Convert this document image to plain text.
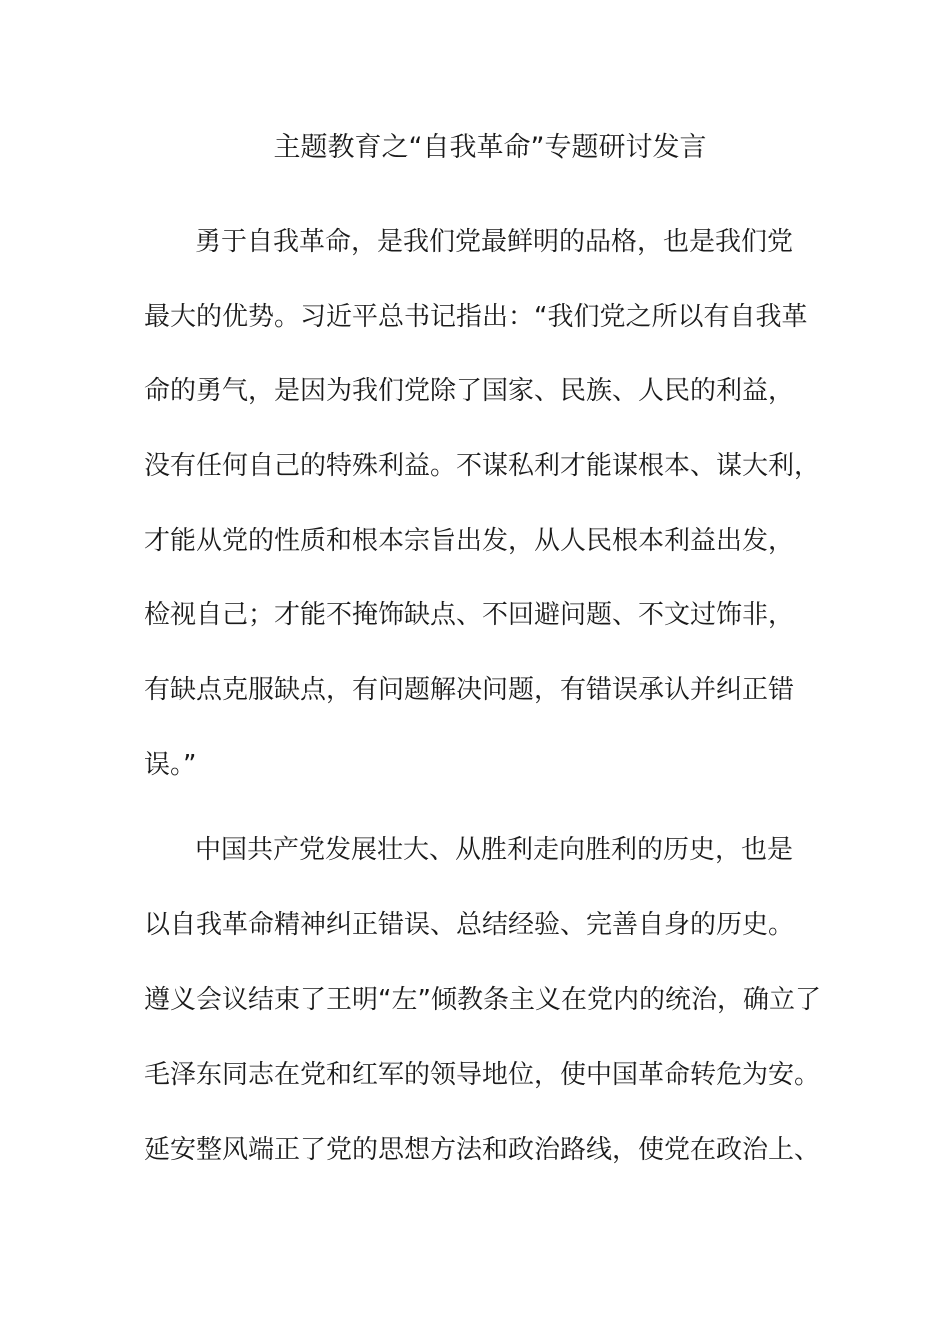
主题教育之“自我革命”专题研讨发言
勇于自我革命，是我们党最鲜明的品格，也是我们党
最大的优势。习近平总书记指出：“我们党之所以有自我革
命的勇气，是因为我们党除了国家、民族、人民的利益，
没有任何自己的特殊利益。不谋私利才能谋根本、谋大利，
才能从党的性质和根本宗旨出发，从人民根本利益出发，
检视自己；才能不掩饰缺点、不回避问题、不文过饰非，
有缺点克服缺点，有问题解决问题，有错误承认并纠正错
误。”
中国共产党发展壮大、从胜利走向胜利的历史，也是
以自我革命精神纠正错误、总结经验、完善自身的历史。
遵义会议结束了王明“左”倾教条主义在党内的统治，确立了
毛泽东同志在党和红军的领导地位，使中国革命转危为安。
延安整风端正了党的思想方法和政治路线，使党在政治上、
